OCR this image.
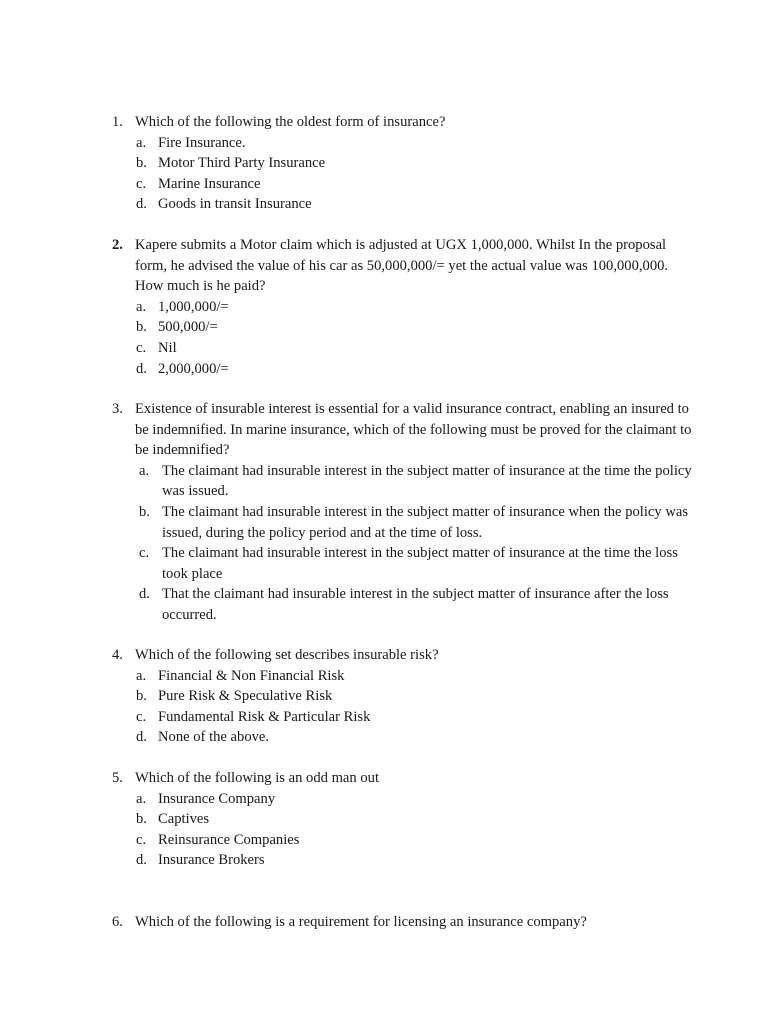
1. Which of the following the oldest form of insurance?
a. Fire Insurance.
b. Motor Third Party Insurance
c. Marine Insurance
d. Goods in transit Insurance
2. Kapere submits a Motor claim which is adjusted at UGX 1,000,000. Whilst In the proposal form, he advised the value of his car as 50,000,000/= yet the actual value was 100,000,000. How much is he paid?
a. 1,000,000/=
b. 500,000/=
c. Nil
d. 2,000,000/=
3. Existence of insurable interest is essential for a valid insurance contract, enabling an insured to be indemnified. In marine insurance, which of the following must be proved for the claimant to be indemnified?
a. The claimant had insurable interest in the subject matter of insurance at the time the policy was issued.
b. The claimant had insurable interest in the subject matter of insurance when the policy was issued, during the policy period and at the time of loss.
c. The claimant had insurable interest in the subject matter of insurance at the time the loss took place
d. That the claimant had insurable interest in the subject matter of insurance after the loss occurred.
4. Which of the following set describes insurable risk?
a. Financial & Non Financial Risk
b. Pure Risk & Speculative Risk
c. Fundamental Risk & Particular Risk
d. None of the above.
5. Which of the following is an odd man out
a. Insurance Company
b. Captives
c. Reinsurance Companies
d. Insurance Brokers
6. Which of the following is a requirement for licensing an insurance company?
